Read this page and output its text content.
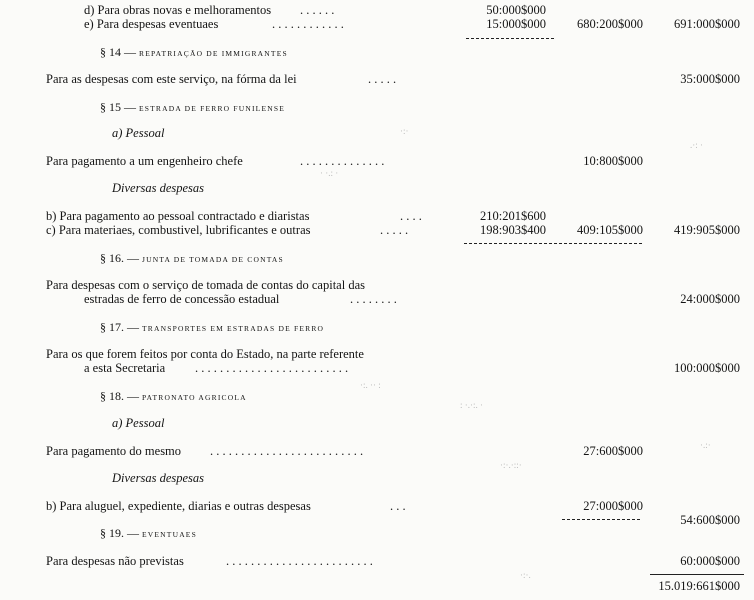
d) Para obras novas e melhoramentos . . . . . .	50:000$000
e) Para despesas eventuaes	. . . . . . . . . . . .	15:000$000 680:200$000 691:000$000
§ 14 — REPATRIAÇÃO DE IMMIGRANTES
Para as despesas com este serviço, na fórma da lei	. . . . .	35:000$000
§ 15 — ESTRADA DE FERRO FUNILENSE
a) Pessoal
Para pagamento a um engenheiro chefe	. . . . . . . . . . . . . .	10:800$000
Diversas despesas
b) Para pagamento ao pessoal contractado e diaristas	. . . .	210:201$600
c) Para materiaes, combustivel, lubrificantes e outras	. . . . .	198:903$400 409:105$000 419:905$000
§ 16. — JUNTA DE TOMADA DE CONTAS
Para despesas com o serviço de tomada de contas do capital das
estradas de ferro de concessão estadual	. . . . . . . .	24:000$000
§ 17. — TRANSPORTES EM ESTRADAS DE FERRO
Para os que forem feitos por conta do Estado, na parte referente
a esta Secretaria . . . . . . . . . . . . . . . . . . . . . . . . .	100:000$000
§ 18. — PATRONATO AGRICOLA
a) Pessoal
Para pagamento do mesmo . . . . . . . . . . . . . . . . . . . . . . . . .	27:600$000
Diversas despesas
b) Para aluguel, expediente, diarias e outras despesas	. . .	27:000$000
54:600$000
§ 19. — EVENTUAES
Para despesas não previstas	. . . . . . . . . . . . . . . . . . . . . . . .	60:000$000
15.019:661$000
·:·
· ·.: ·
.·: ·
·:. ·· :
: ·.·:. ·
·:·.·::·
·.:·
·:·.
